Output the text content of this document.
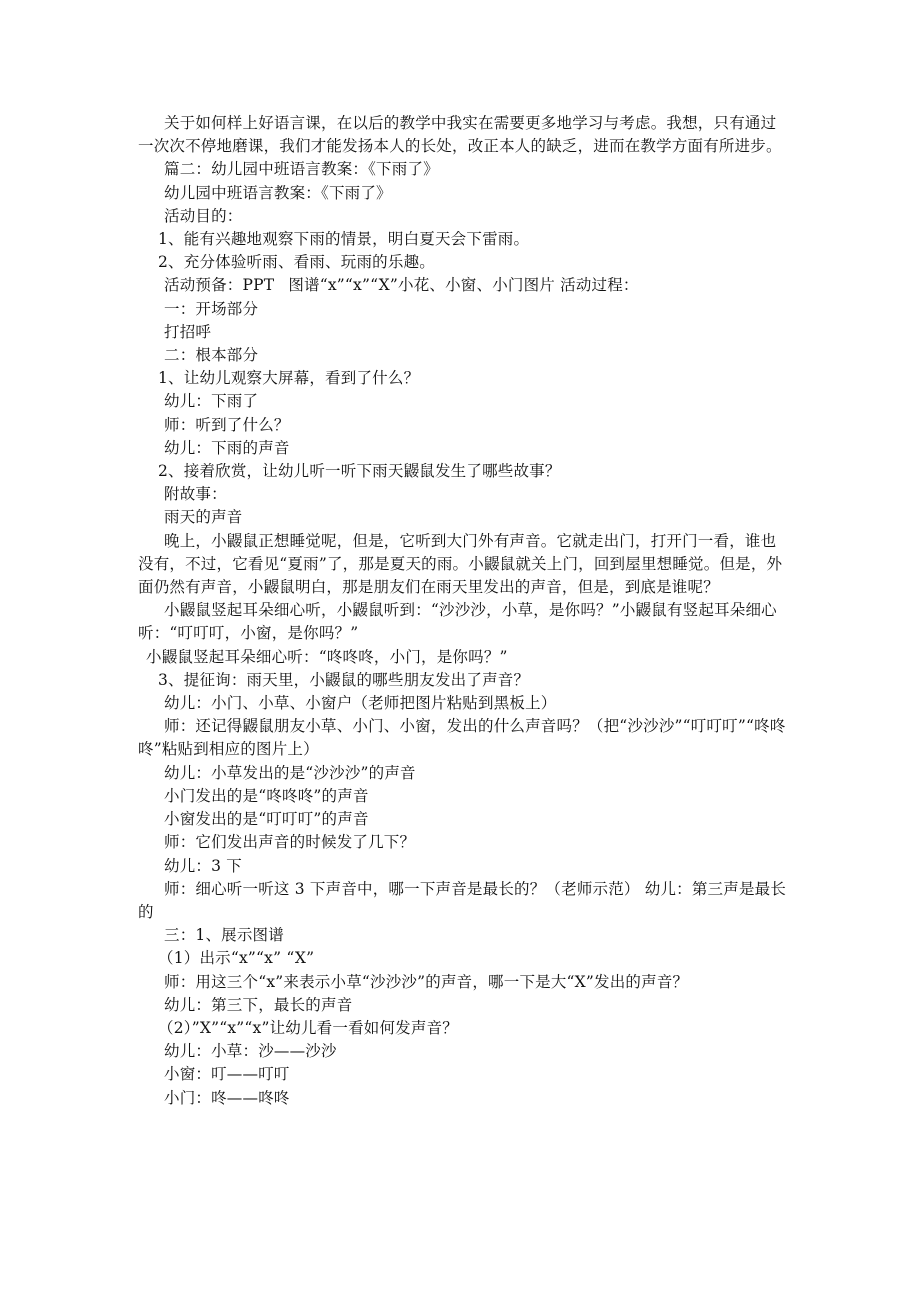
关于如何样上好语言课，在以后的教学中我实在需要更多地学习与考虑。我想，只有通过一次次不停地磨课，我们才能发扬本人的长处，改正本人的缺乏，进而在教学方面有所进步。

篇二：幼儿园中班语言教案：《下雨了》

幼儿园中班语言教案：《下雨了》

活动目的：

1、能有兴趣地观察下雨的情景，明白夏天会下雷雨。

2、充分体验听雨、看雨、玩雨的乐趣。

活动预备：PPT 图谱“x”“x”“X”小花、小窗、小门图片 活动过程：

一：开场部分

打招呼

二：根本部分

1、让幼儿观察大屏幕，看到了什么？

幼儿：下雨了

师：听到了什么？

幼儿：下雨的声音

2、接着欣赏，让幼儿听一听下雨天鼹鼠发生了哪些故事？

附故事：

雨天的声音

晚上，小鼹鼠正想睡觉呢，但是，它听到大门外有声音。它就走出门，打开门一看，谁也没有，不过，它看见“夏雨”了，那是夏天的雨。小鼹鼠就关上门，回到屋里想睡觉。但是，外面仍然有声音，小鼹鼠明白，那是朋友们在雨天里发出的声音，但是，到底是谁呢？

小鼹鼠竖起耳朵细心听，小鼹鼠听到：“沙沙沙，小草，是你吗？”小鼹鼠有竖起耳朵细心听：“叮叮叮，小窗，是你吗？”

小鼹鼠竖起耳朵细心听：“咚咚咚，小门，是你吗？”

3、提征询：雨天里，小鼹鼠的哪些朋友发出了声音？

幼儿：小门、小草、小窗户（老师把图片粘贴到黑板上）

师：还记得鼹鼠朋友小草、小门、小窗，发出的什么声音吗？（把“沙沙沙”“叮叮叮”“咚咚咚”粘贴到相应的图片上）

幼儿：小草发出的是“沙沙沙”的声音

小门发出的是“咚咚咚”的声音

小窗发出的是“叮叮叮”的声音

师：它们发出声音的时候发了几下？

幼儿：3 下

师：细心听一听这 3 下声音中，哪一下声音是最长的？（老师示范） 幼儿：第三声是最长的

三：1、展示图谱

（1）出示“x”“x” “X”

师：用这三个“x”来表示小草“沙沙沙”的声音，哪一下是大“X”发出的声音？

幼儿：第三下，最长的声音

（2）”X”“x”“x”让幼儿看一看如何发声音？

幼儿：小草：沙——沙沙

小窗：叮——叮叮

小门：咚——咚咚
